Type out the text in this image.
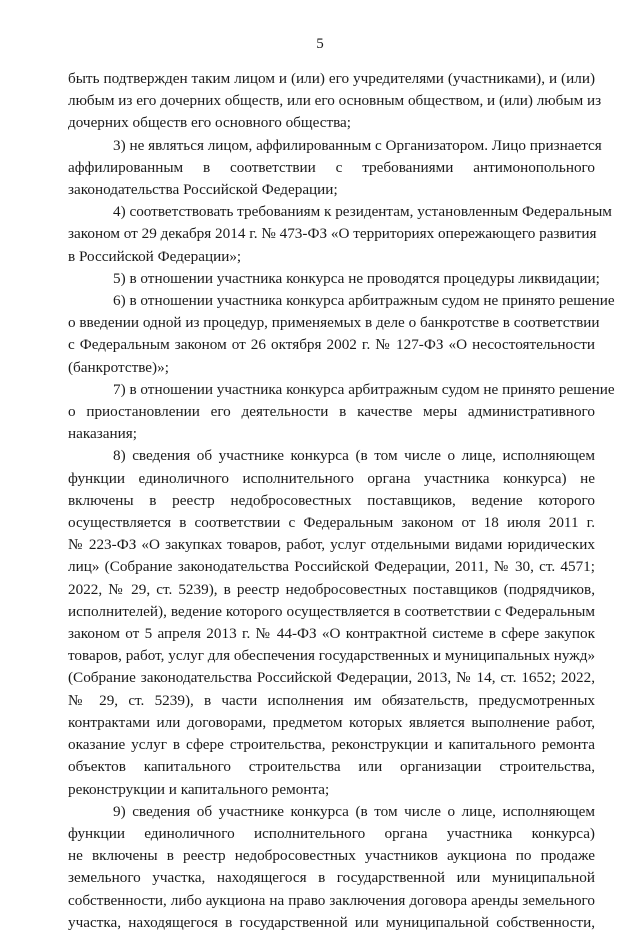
5
быть подтвержден таким лицом и (или) его учредителями (участниками), и (или)
любым из его дочерних обществ, или его основным обществом, и (или) любым из
дочерних обществ его основного общества;
3) не являться лицом, аффилированным с Организатором. Лицо признается
аффилированным в соответствии с требованиями антимонопольного
законодательства Российской Федерации;
4) соответствовать требованиям к резидентам, установленным Федеральным
законом от 29 декабря 2014 г. № 473-ФЗ «О территориях опережающего развития
в Российской Федерации»;
5) в отношении участника конкурса не проводятся процедуры ликвидации;
6) в отношении участника конкурса арбитражным судом не принято решение
о введении одной из процедур, применяемых в деле о банкротстве в соответствии
с Федеральным законом от 26 октября 2002 г. № 127-ФЗ «О несостоятельности
(банкротстве)»;
7) в отношении участника конкурса арбитражным судом не принято решение
о приостановлении его деятельности в качестве меры административного
наказания;
8) сведения об участнике конкурса (в том числе о лице, исполняющем
функции единоличного исполнительного органа участника конкурса) не
включены в реестр недобросовестных поставщиков, ведение которого
осуществляется в соответствии с Федеральным законом от 18 июля 2011 г.
№ 223-ФЗ «О закупках товаров, работ, услуг отдельными видами юридических
лиц» (Собрание законодательства Российской Федерации, 2011, № 30, ст. 4571;
2022, № 29, ст. 5239), в реестр недобросовестных поставщиков (подрядчиков,
исполнителей), ведение которого осуществляется в соответствии с Федеральным
законом от 5 апреля 2013 г. № 44-ФЗ «О контрактной системе в сфере закупок
товаров, работ, услуг для обеспечения государственных и муниципальных нужд»
(Собрание законодательства Российской Федерации, 2013, № 14, ст. 1652; 2022,
№ 29, ст. 5239), в части исполнения им обязательств, предусмотренных
контрактами или договорами, предметом которых является выполнение работ,
оказание услуг в сфере строительства, реконструкции и капитального ремонта
объектов капитального строительства или организации строительства,
реконструкции и капитального ремонта;
9) сведения об участнике конкурса (в том числе о лице, исполняющем
функции единоличного исполнительного органа участника конкурса)
не включены в реестр недобросовестных участников аукциона по продаже
земельного участка, находящегося в государственной или муниципальной
собственности, либо аукциона на право заключения договора аренды земельного
участка, находящегося в государственной или муниципальной собственности,
